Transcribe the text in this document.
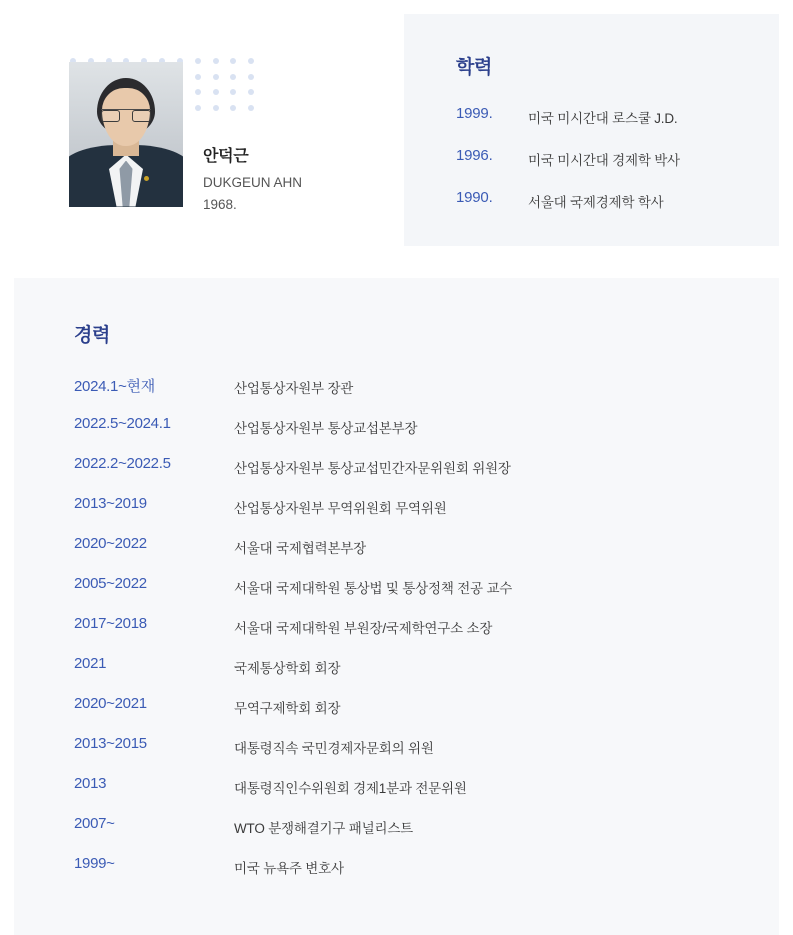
안덕근
DUKGEUN AHN
1968.
학력
1999.	미국 미시간대 로스쿨 J.D.
1996.	미국 미시간대 경제학 박사
1990.	서울대 국제경제학 학사
경력
2024.1~현재	산업통상자원부 장관
2022.5~2024.1	산업통상자원부 통상교섭본부장
2022.2~2022.5	산업통상자원부 통상교섭민간자문위원회 위원장
2013~2019	산업통상자원부 무역위원회 무역위원
2020~2022	서울대 국제협력본부장
2005~2022	서울대 국제대학원 통상법 및 통상정책 전공 교수
2017~2018	서울대 국제대학원 부원장/국제학연구소 소장
2021	국제통상학회 회장
2020~2021	무역구제학회 회장
2013~2015	대통령직속 국민경제자문회의 위원
2013	대통령직인수위원회 경제1분과 전문위원
2007~	WTO 분쟁해결기구 패널리스트
1999~	미국 뉴욕주 변호사
